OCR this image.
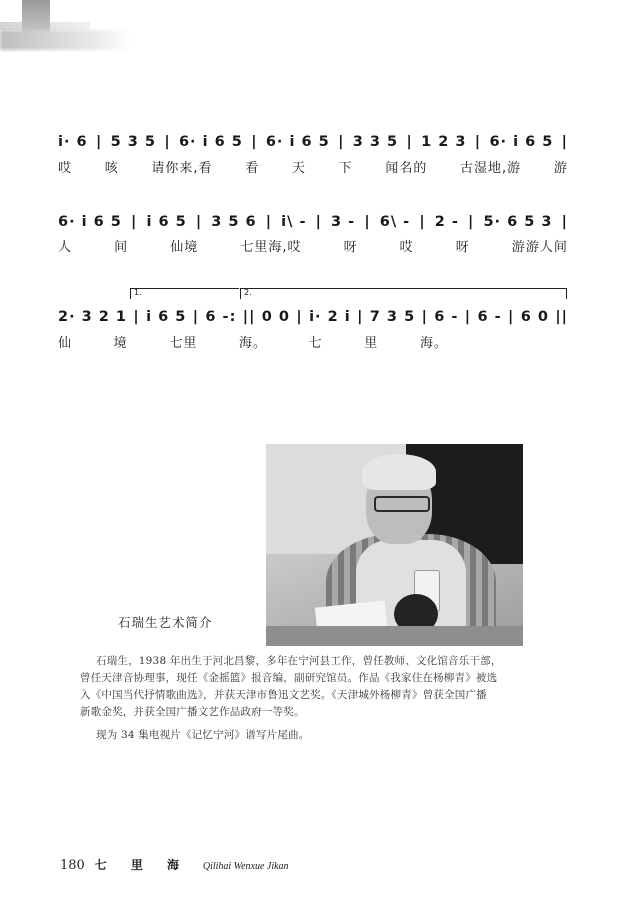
i· 6 | 5 3 5 | 6· i 6 5 | 6· i 6 5 | 3 3 5 | 1 2 3 | 6· i 6 5 |
哎	咳	请你来,看	看	天	下	闻名的	古湿地,游	游
6· i 6 5 | i 6 5 | 3 5 6 | i\ - | 3 - | 6\ - | 2 - | 5· 6 5 3 |
人	间	仙境	七里海,哎	呀	哎	呀	游游人间
1.	2.
2· 3 2 1 | i 6 5 | 6 -: || 0 0 | i· 2 i | 7 3 5 | 6 - | 6 - | 6 0 ||
仙	境	七里	海。	七	里	海。
石瑞生艺术简介
石瑞生，1938 年出生于河北昌黎，多年在宁河县工作，曾任教师、文化馆音乐干部，
曾任天津音协理事，现任《金摇篮》报音编，副研究馆员。作品《我家住在杨柳青》被选
入《中国当代抒情歌曲选》，并获天津市鲁迅文艺奖。《天津城外杨柳青》曾获全国广播
新歌金奖，并获全国广播文艺作品政府一等奖。
现为 34 集电视片《记忆宁河》谱写片尾曲。
180 七 里 海 Qilihai Wenxue Jikan
